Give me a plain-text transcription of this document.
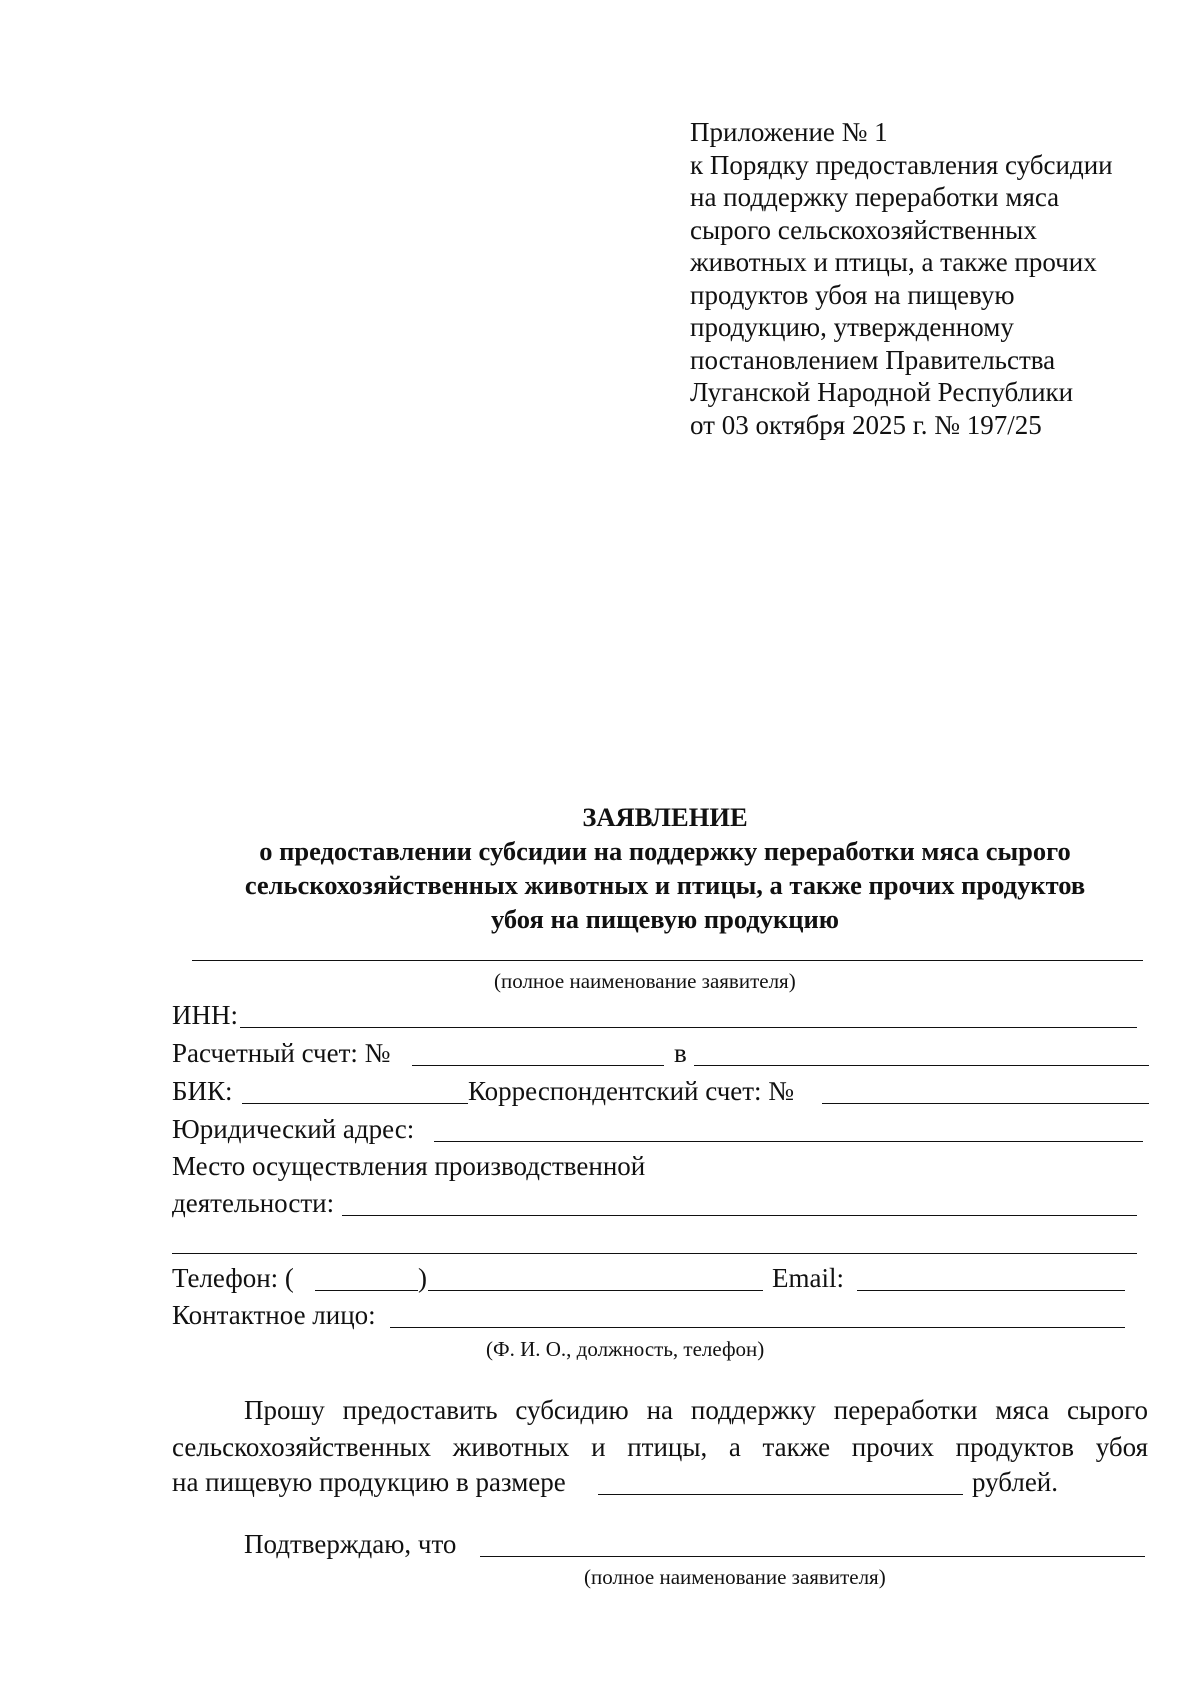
Приложение № 1
к Порядку предоставления субсидии
на поддержку переработки мяса
сырого сельскохозяйственных
животных и птицы, а также прочих
продуктов убоя на пищевую
продукцию, утвержденному
постановлением Правительства
Луганской Народной Республики
от 03 октября 2025 г. № 197/25
ЗАЯВЛЕНИЕ
о предоставлении субсидии на поддержку переработки мяса сырого
сельскохозяйственных животных и птицы, а также прочих продуктов
убоя на пищевую продукцию
(полное наименование заявителя)
ИНН:
Расчетный счет: №	в
БИК:	Корреспондентский счет: №
Юридический адрес:
Место осуществления производственной
деятельности:
Телефон: (	)	Email:
Контактное лицо:
(Ф. И. О., должность, телефон)
Прошу предоставить субсидию на поддержку переработки мяса сырого
сельскохозяйственных животных и птицы, а также прочих продуктов убоя
на пищевую продукцию в размере	рублей.
Подтверждаю, что
(полное наименование заявителя)
